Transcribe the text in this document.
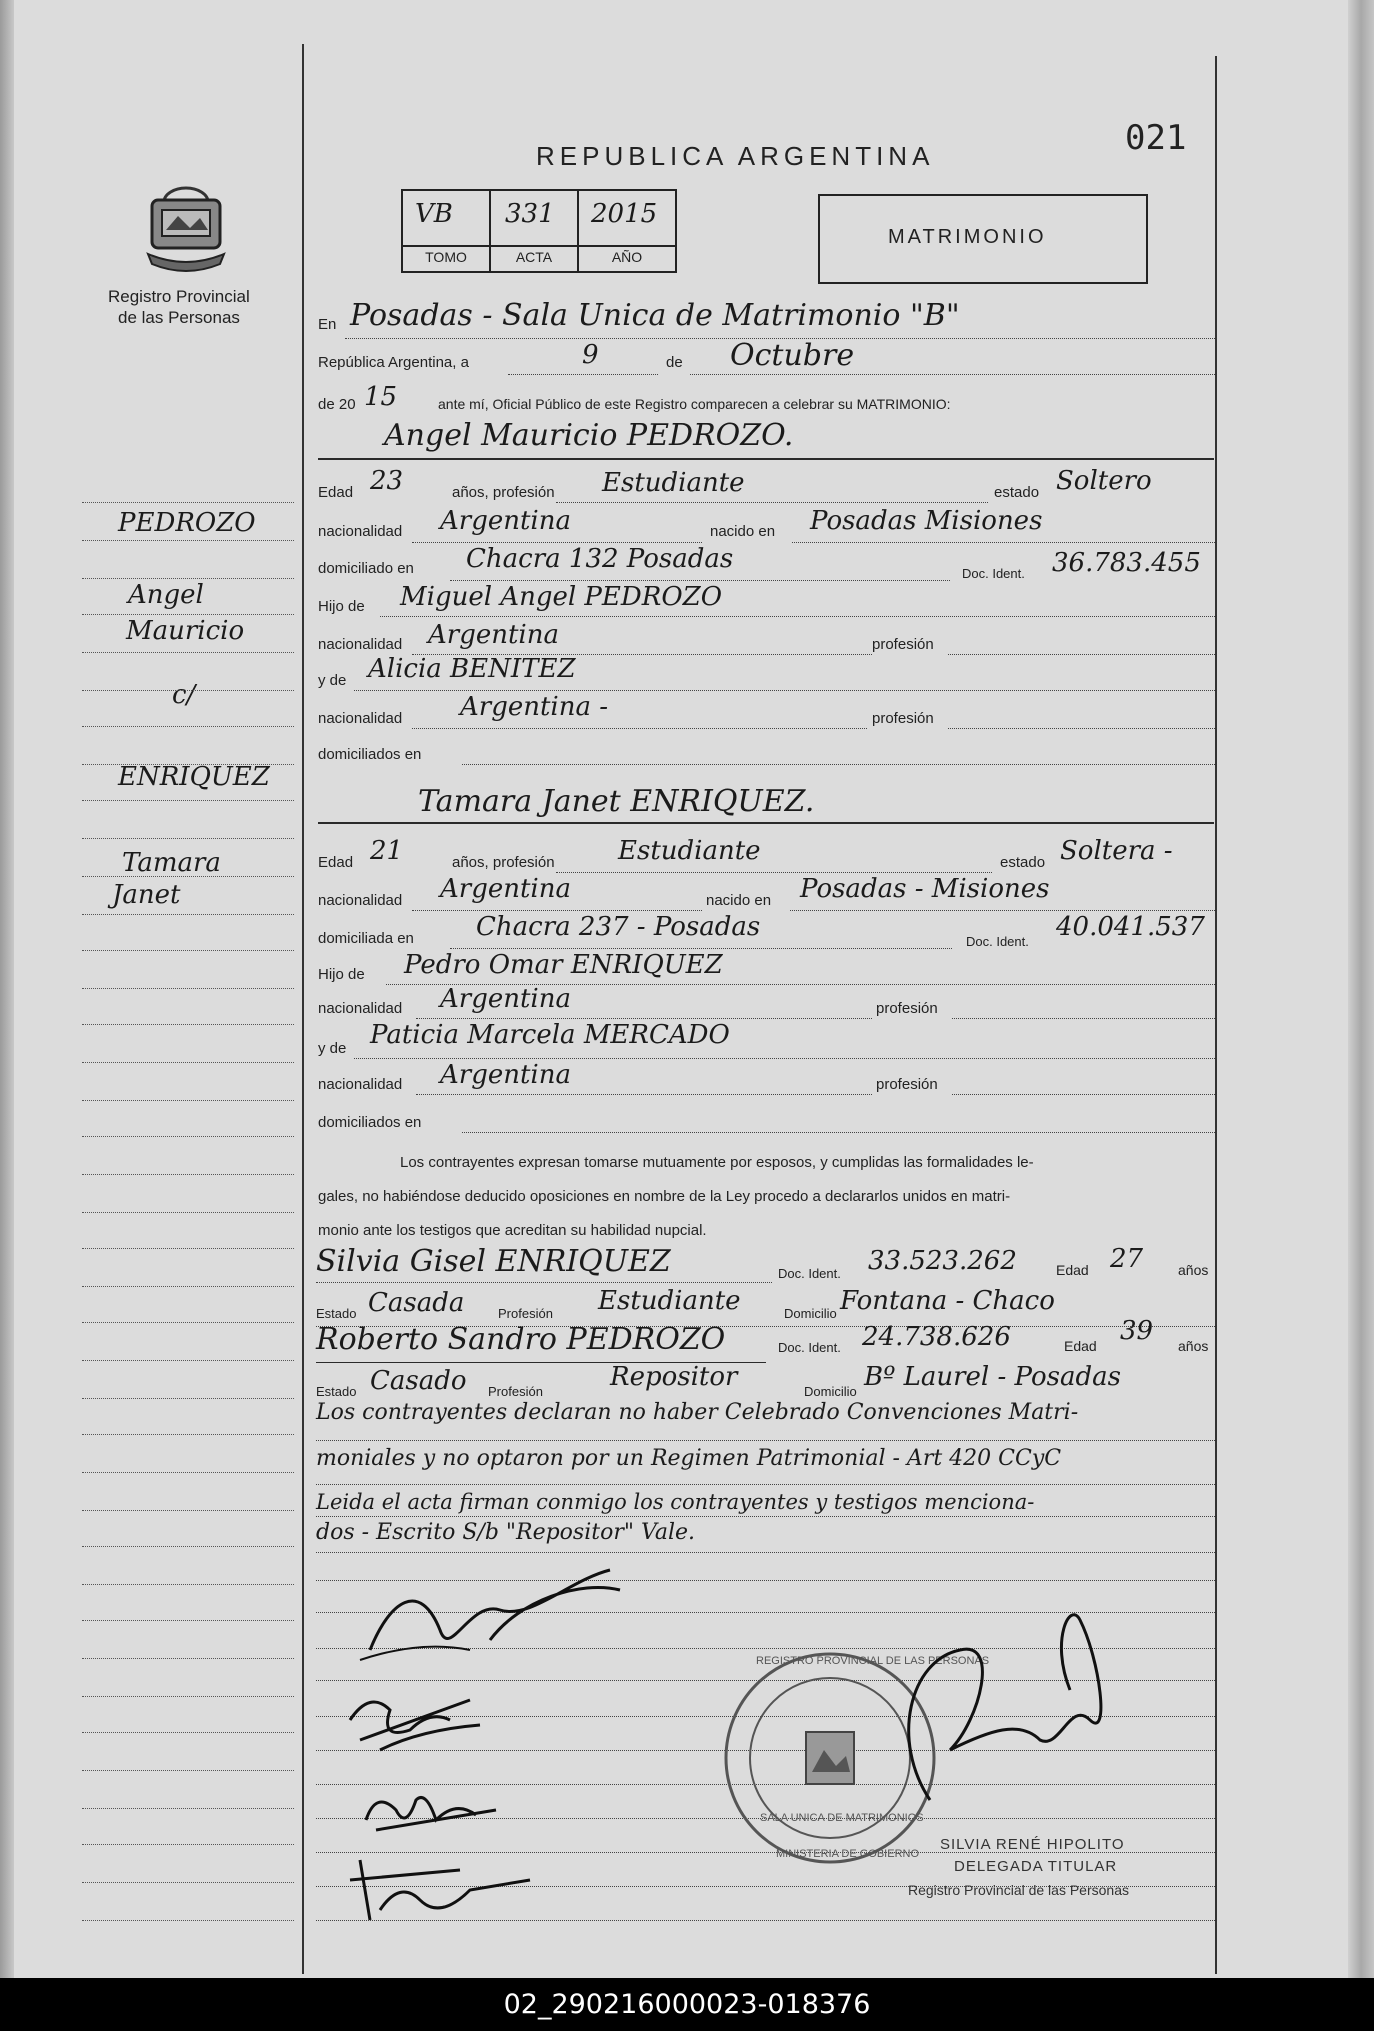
Registro Provincial
de las Personas
REPUBLICA ARGENTINA	021
VB 331 2015
TOMO	ACTA	AÑO
MATRIMONIO
En Posadas - Sala Unica de Matrimonio "B"
República Argentina, a	9	de Octubre
de 20 15	ante mí, Oficial Público de este Registro comparecen a celebrar su MATRIMONIO:
Angel Mauricio PEDROZO.
Edad 23	años, profesión Estudiante	estado Soltero
nacionalidad Argentina	nacido en Posadas Misiones
domiciliado en Chacra 132 Posadas	Doc. Ident. 36.783.455
Hijo de Miguel Angel PEDROZO
nacionalidad Argentina	profesión
y de Alicia BENITEZ
nacionalidad Argentina -	profesión
domiciliados en
Tamara Janet ENRIQUEZ.
Edad 21	años, profesión Estudiante	estado Soltera -
nacionalidad Argentina	nacido en Posadas - Misiones
domiciliada en Chacra 237 - Posadas	Doc. Ident. 40.041.537
Hijo de Pedro Omar ENRIQUEZ
nacionalidad Argentina	profesión
y de Paticia Marcela MERCADO
nacionalidad Argentina	profesión
domiciliados en
Los contrayentes expresan tomarse mutuamente por esposos, y cumplidas las formalidades le-
gales, no habiéndose deducido oposiciones en nombre de la Ley procedo a declararlos unidos en matri-
monio ante los testigos que acreditan su habilidad nupcial.
Silvia Gisel ENRIQUEZ	Doc. Ident. 33.523.262	Edad 27 años
Estado Casada	Profesión Estudiante	Domicilio Fontana - Chaco
Roberto Sandro PEDROZO	Doc. Ident. 24.738.626	Edad 39 años
Estado Casado Profesión	Repositor	Domicilio Bº Laurel - Posadas
Los contrayentes declaran no haber Celebrado Convenciones Matri-
moniales y no optaron por un Regimen Patrimonial - Art 420 CCyC
Leida el acta firman conmigo los contrayentes y testigos menciona-
dos - Escrito S/b "Repositor" Vale.
PEDROZO
Angel
Mauricio
c/
ENRIQUEZ
Tamara
Janet
REGISTRO PROVINCIAL DE LAS PERSONAS
SALA UNICA DE MATRIMONIOS
MINISTERIA DE GOBIERNO
SILVIA RENÉ HIPOLITO
DELEGADA TITULAR
Registro Provincial de las Personas
02_290216000023-018376
